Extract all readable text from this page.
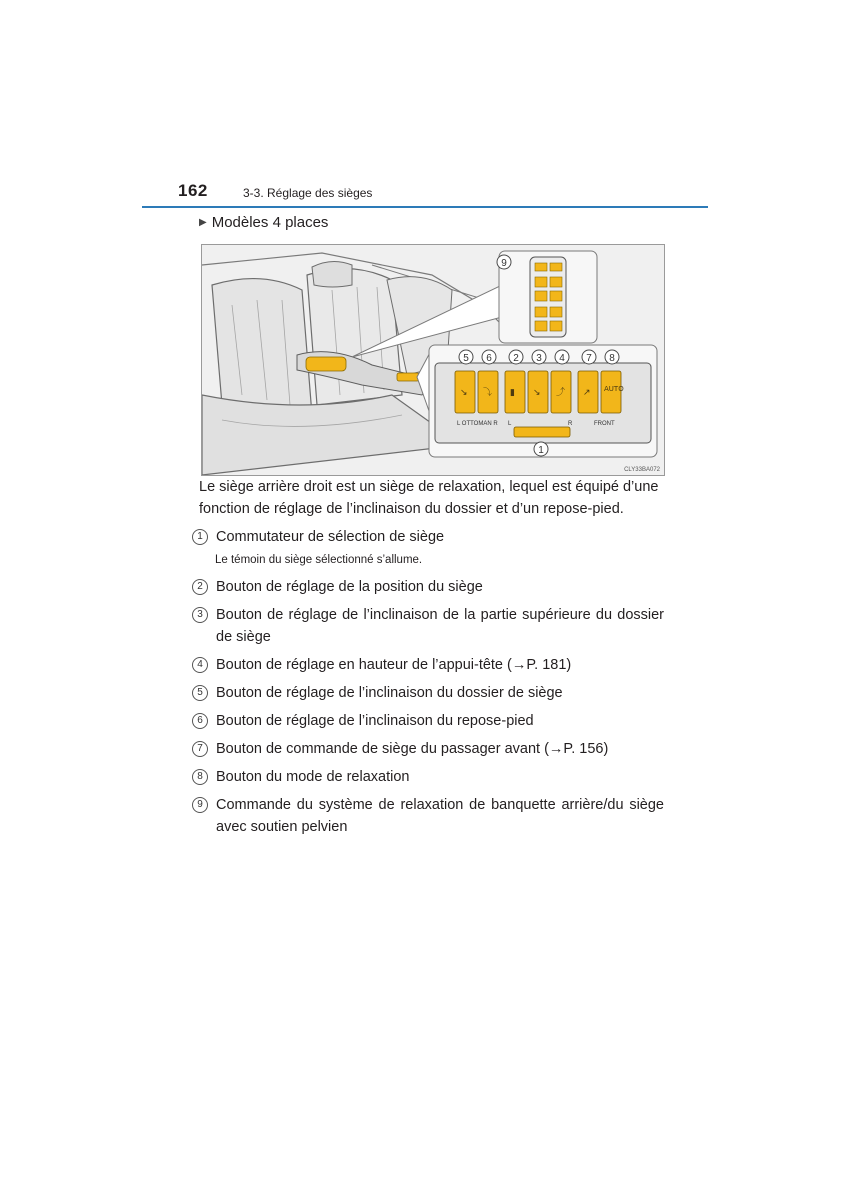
162	3-3. Réglage des sièges
▶ Modèles 4 places
9
↘ ⤵ ▮ ↘ ⤴ ↗ AUTO
L OTTOMAN R L	R	FRONT
5 6 2 3 4 7 8
1
CLY33BA072
Le siège arrière droit est un siège de relaxation, lequel est équipé d’une fonction de réglage de l’inclinaison du dossier et d’un repose-pied.
1 Commutateur de sélection de siège
Le témoin du siège sélectionné s’allume.
2 Bouton de réglage de la position du siège
3 Bouton de réglage de l’inclinaison de la partie supérieure du dossier de siège
4 Bouton de réglage en hauteur de l’appui-tête (→P. 181)
5 Bouton de réglage de l’inclinaison du dossier de siège
6 Bouton de réglage de l’inclinaison du repose-pied
7 Bouton de commande de siège du passager avant (→P. 156)
8 Bouton du mode de relaxation
9 Commande du système de relaxation de banquette arrière/du siège avec soutien pelvien
